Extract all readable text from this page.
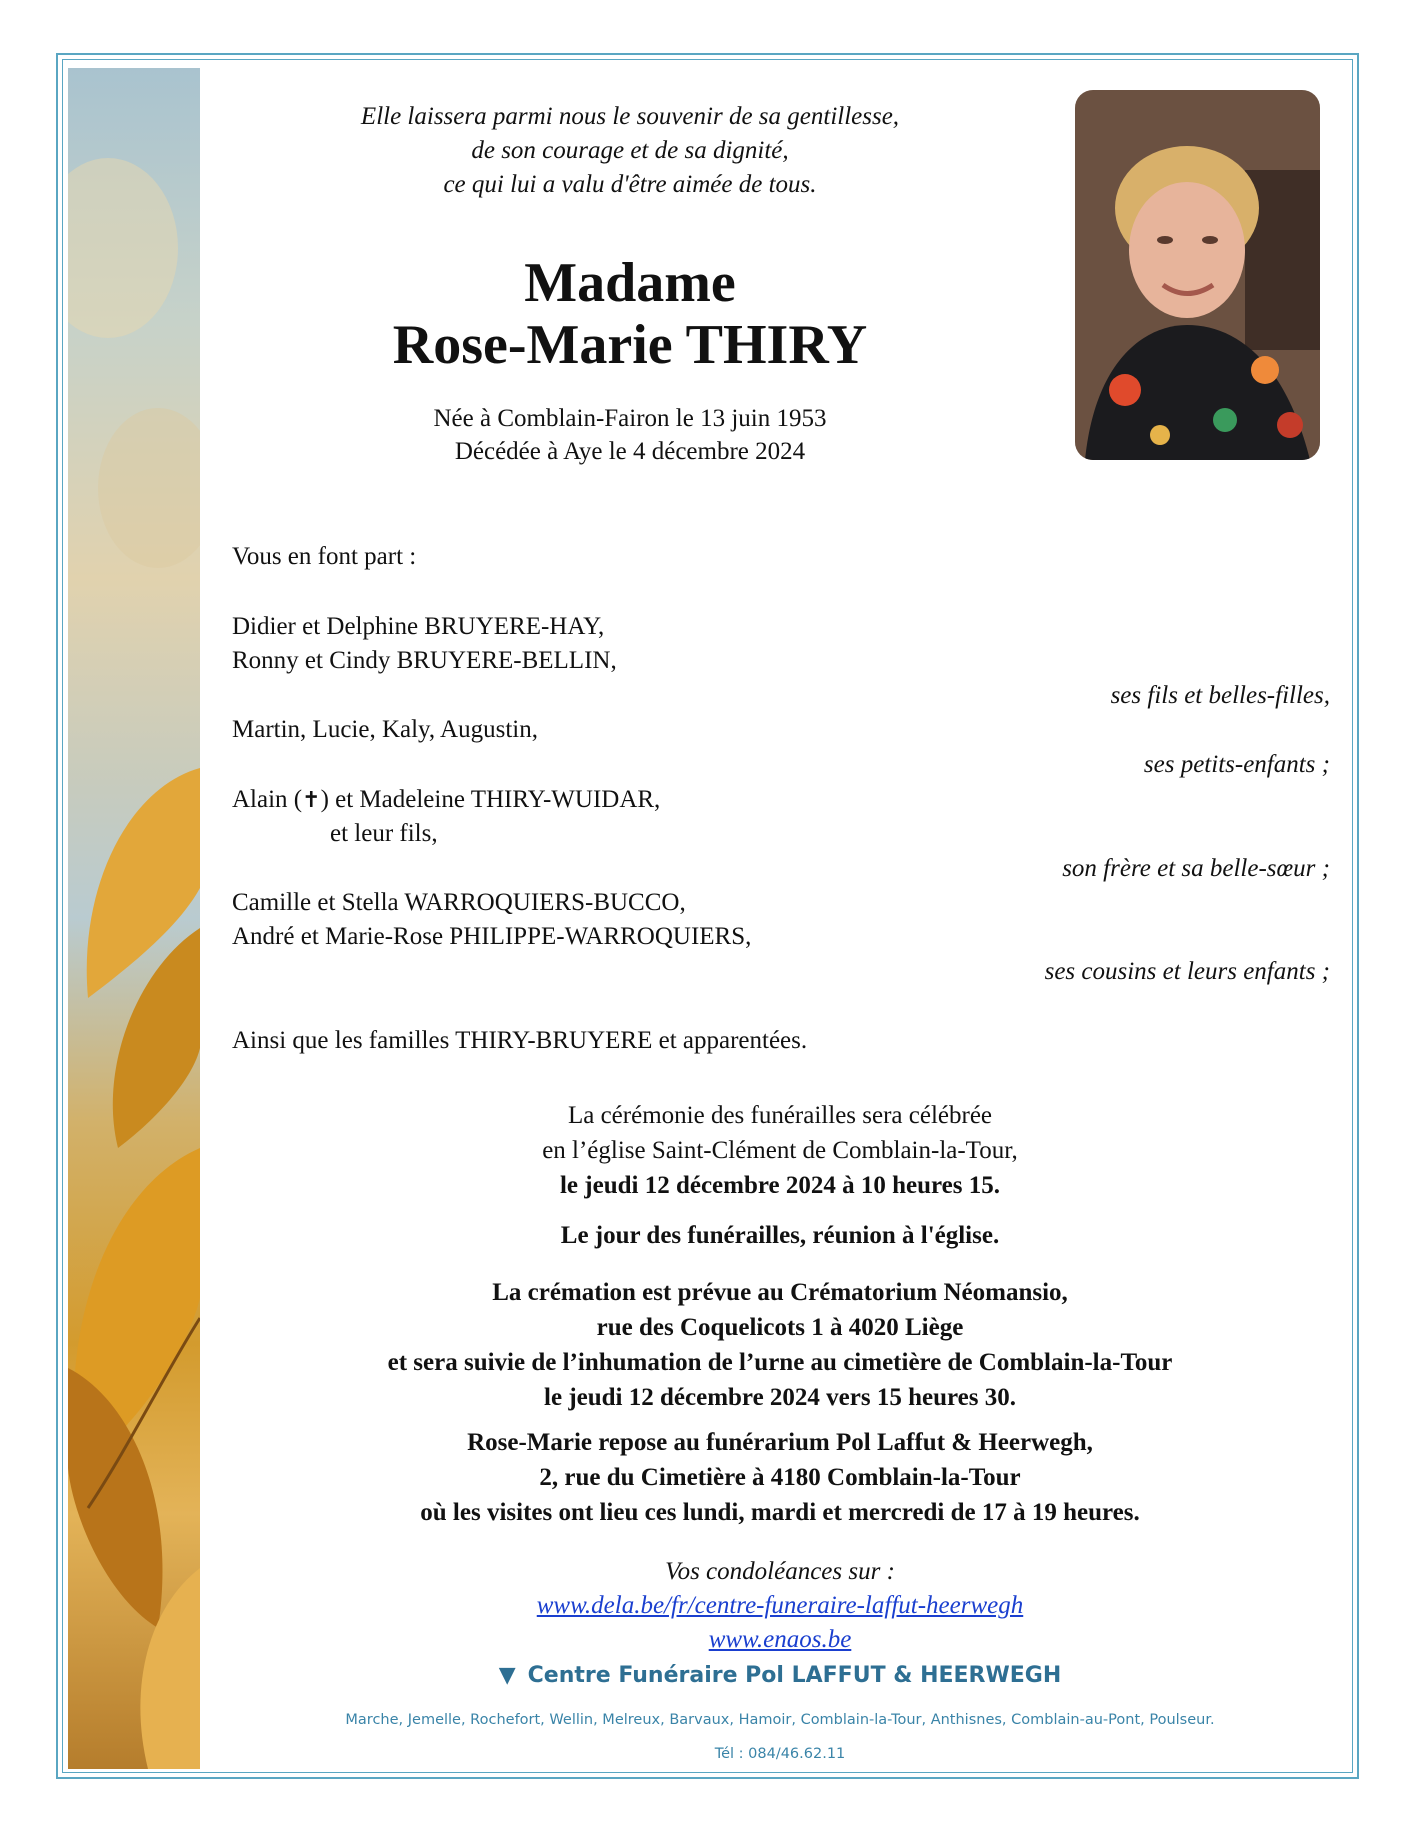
Elle laissera parmi nous le souvenir de sa gentillesse,
de son courage et de sa dignité,
ce qui lui a valu d'être aimée de tous.
Madame
Rose-Marie THIRY
Née à Comblain-Fairon le 13 juin 1953
Décédée à Aye le 4 décembre 2024
Vous en font part :
Didier et Delphine BRUYERE-HAY,
Ronny et Cindy BRUYERE-BELLIN,
ses fils et belles-filles,
Martin, Lucie, Kaly, Augustin,
ses petits-enfants ;
Alain (✝) et Madeleine THIRY-WUIDAR,
et leur fils,
son frère et sa belle-sœur ;
Camille et Stella WARROQUIERS-BUCCO,
André et Marie-Rose PHILIPPE-WARROQUIERS,
ses cousins et leurs enfants ;
Ainsi que les familles THIRY-BRUYERE et apparentées.
La cérémonie des funérailles sera célébrée
en l’église Saint-Clément de Comblain-la-Tour,
le jeudi 12 décembre 2024 à 10 heures 15.
Le jour des funérailles, réunion à l'église.
La crémation est prévue au Crématorium Néomansio,
rue des Coquelicots 1 à 4020 Liège
et sera suivie de l’inhumation de l’urne au cimetière de Comblain-la-Tour
le jeudi 12 décembre 2024 vers 15 heures 30.
Rose-Marie repose au funérarium Pol Laffut & Heerwegh,
2, rue du Cimetière à 4180 Comblain-la-Tour
où les visites ont lieu ces lundi, mardi et mercredi de 17 à 19 heures.
Vos condoléances sur :
www.dela.be/fr/centre-funeraire-laffut-heerwegh
www.enaos.be
▼ Centre Funéraire Pol LAFFUT & HEERWEGH
Marche, Jemelle, Rochefort, Wellin, Melreux, Barvaux, Hamoir, Comblain-la-Tour, Anthisnes, Comblain-au-Pont, Poulseur.
Tél : 084/46.62.11
